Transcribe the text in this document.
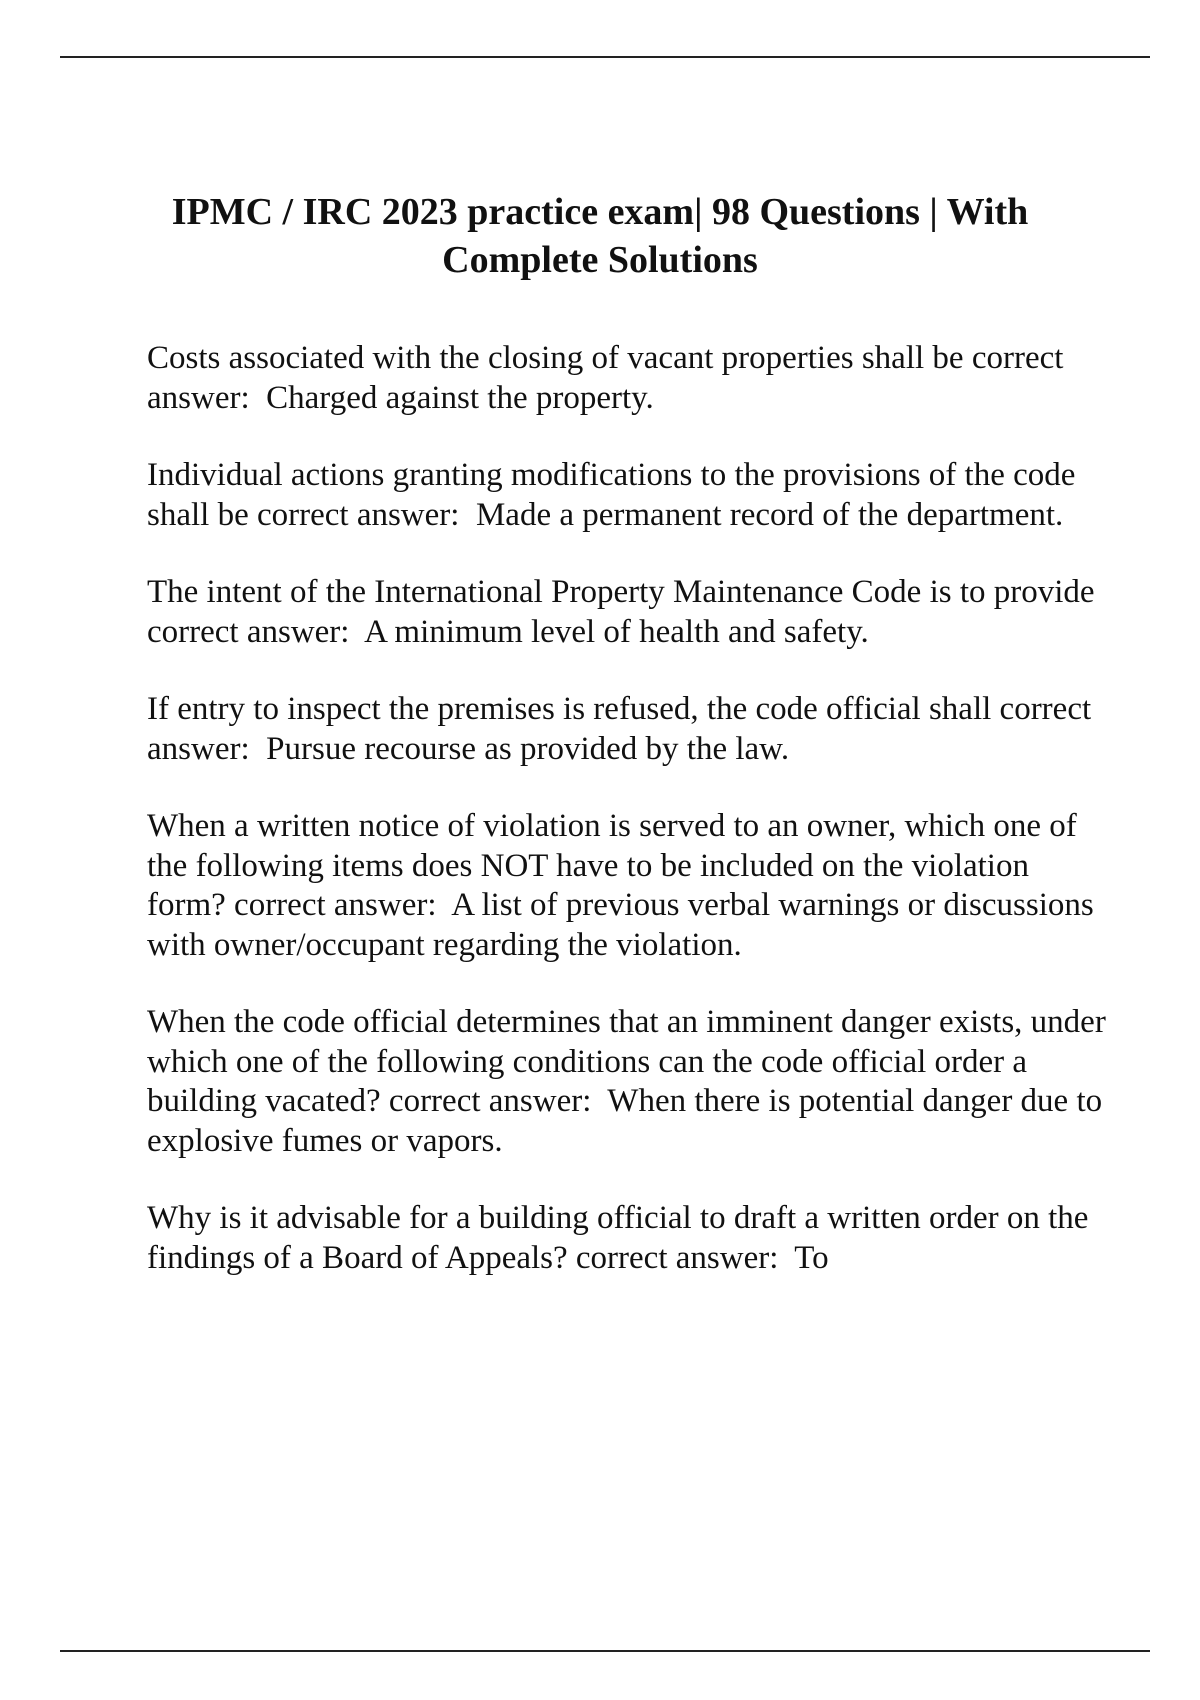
IPMC / IRC 2023 practice exam| 98 Questions | With Complete Solutions

Costs associated with the closing of vacant properties shall be correct answer: Charged against the property.

Individual actions granting modifications to the provisions of the code shall be correct answer: Made a permanent record of the department.

The intent of the International Property Maintenance Code is to provide correct answer: A minimum level of health and safety.

If entry to inspect the premises is refused, the code official shall correct answer: Pursue recourse as provided by the law.

When a written notice of violation is served to an owner, which one of the following items does NOT have to be included on the violation form? correct answer: A list of previous verbal warnings or discussions with owner/occupant regarding the violation.

When the code official determines that an imminent danger exists, under which one of the following conditions can the code official order a building vacated? correct answer: When there is potential danger due to explosive fumes or vapors.

Why is it advisable for a building official to draft a written order on the findings of a Board of Appeals? correct answer: To
